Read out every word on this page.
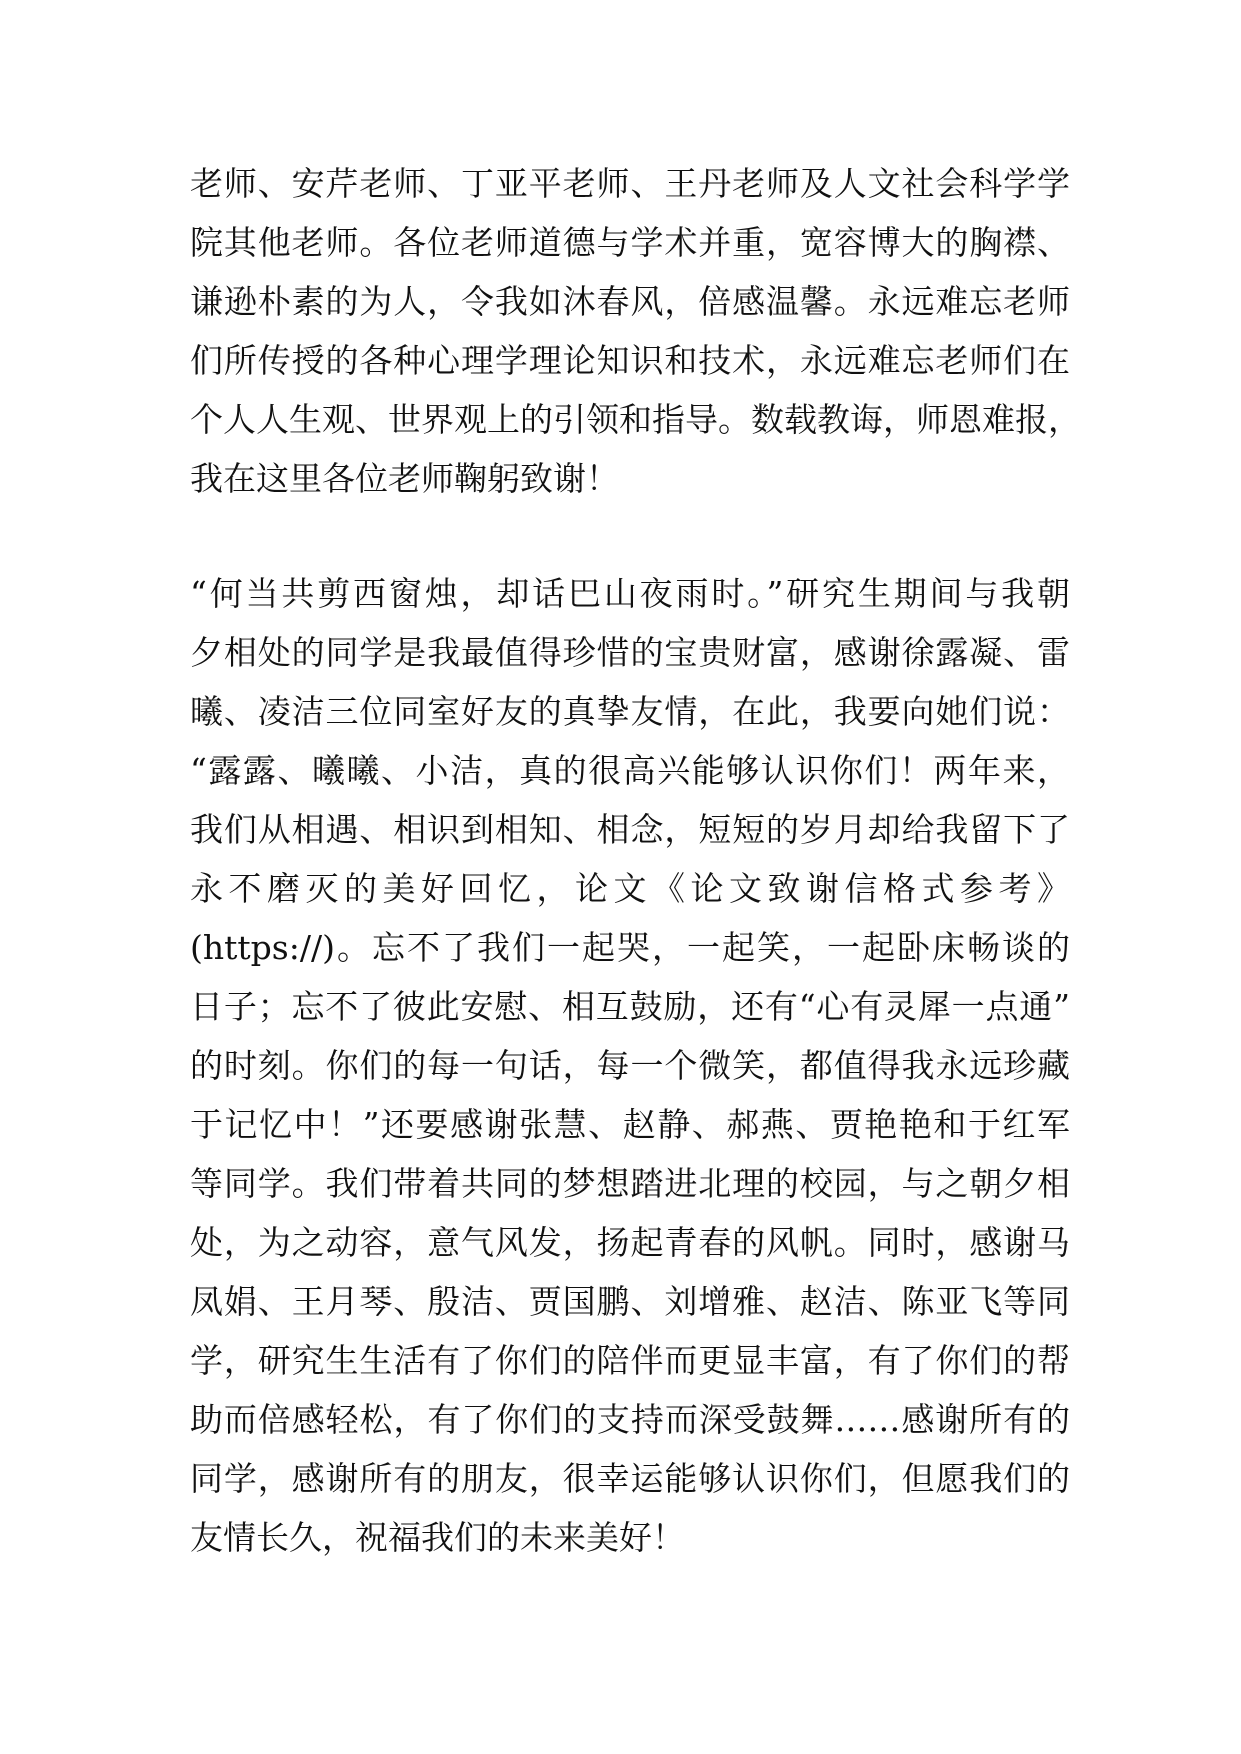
老师、安芹老师、丁亚平老师、王丹老师及人文社会科学学
院其他老师。各位老师道德与学术并重，宽容博大的胸襟、
谦逊朴素的为人，令我如沐春风，倍感温馨。永远难忘老师
们所传授的各种心理学理论知识和技术，永远难忘老师们在
个人人生观、世界观上的引领和指导。数载教诲，师恩难报，
我在这里各位老师鞠躬致谢！
“何当共剪西窗烛，却话巴山夜雨时。”研究生期间与我朝
夕相处的同学是我最值得珍惜的宝贵财富，感谢徐露凝、雷
曦、凌洁三位同室好友的真挚友情，在此，我要向她们说：
“露露、曦曦、小洁，真的很高兴能够认识你们！两年来，
我们从相遇、相识到相知、相念，短短的岁月却给我留下了
永不磨灭的美好回忆，论文《论文致谢信格式参考》
(https://)。忘不了我们一起哭，一起笑，一起卧床畅谈的
日子；忘不了彼此安慰、相互鼓励，还有“心有灵犀一点通”
的时刻。你们的每一句话，每一个微笑，都值得我永远珍藏
于记忆中！”还要感谢张慧、赵静、郝燕、贾艳艳和于红军
等同学。我们带着共同的梦想踏进北理的校园，与之朝夕相
处，为之动容，意气风发，扬起青春的风帆。同时，感谢马
凤娟、王月琴、殷洁、贾国鹏、刘增雅、赵洁、陈亚飞等同
学，研究生生活有了你们的陪伴而更显丰富，有了你们的帮
助而倍感轻松，有了你们的支持而深受鼓舞……感谢所有的
同学，感谢所有的朋友，很幸运能够认识你们，但愿我们的
友情长久，祝福我们的未来美好！
